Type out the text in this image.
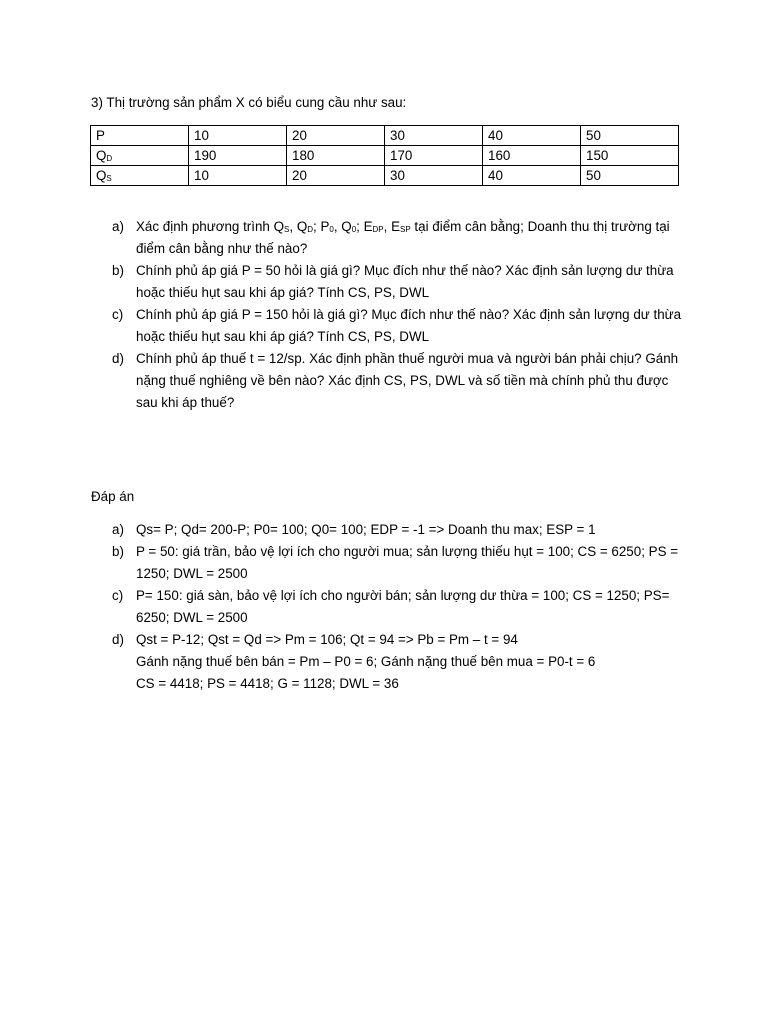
3) Thị trường sản phẩm X có biểu cung cầu như sau:
P	10	20	30	40	50
$Q_D$	190	180	170	160	150
$Q_S$	10	20	30	40	50
a) Xác định phương trình $Q_S$, $Q_D$; $P_0$, $Q_0$; $E_{DP}$, $E_{SP}$ tại điểm cân bằng; Doanh thu thị trường tại điểm cân bằng như thế nào?
b) Chính phủ áp giá P = 50 hỏi là giá gì? Mục đích như thế nào? Xác định sản lượng dư thừa hoặc thiếu hụt sau khi áp giá? Tính CS, PS, DWL
c) Chính phủ áp giá P = 150 hỏi là giá gì? Mục đích như thế nào? Xác định sản lượng dư thừa hoặc thiếu hụt sau khi áp giá? Tính CS, PS, DWL
d) Chính phủ áp thuế t = 12/sp. Xác định phần thuế người mua và người bán phải chịu? Gánh nặng thuế nghiêng về bên nào? Xác định CS, PS, DWL và số tiền mà chính phủ thu được sau khi áp thuế?
Đáp án
a) Qs= P; Qd= 200-P; P0= 100; Q0= 100; EDP = -1 => Doanh thu max; ESP = 1
b) P = 50: giá trần, bảo vệ lợi ích cho người mua; sản lượng thiếu hụt = 100; CS = 6250; PS = 1250; DWL = 2500
c) P= 150: giá sàn, bảo vệ lợi ích cho người bán; sản lượng dư thừa = 100; CS = 1250; PS= 6250; DWL = 2500
d) Qst = P-12; Qst = Qd => Pm = 106; Qt = 94 => Pb = Pm – t = 94
Gánh nặng thuế bên bán = Pm – P0 = 6; Gánh nặng thuế bên mua = P0-t = 6
CS = 4418; PS = 4418; G = 1128; DWL = 36
